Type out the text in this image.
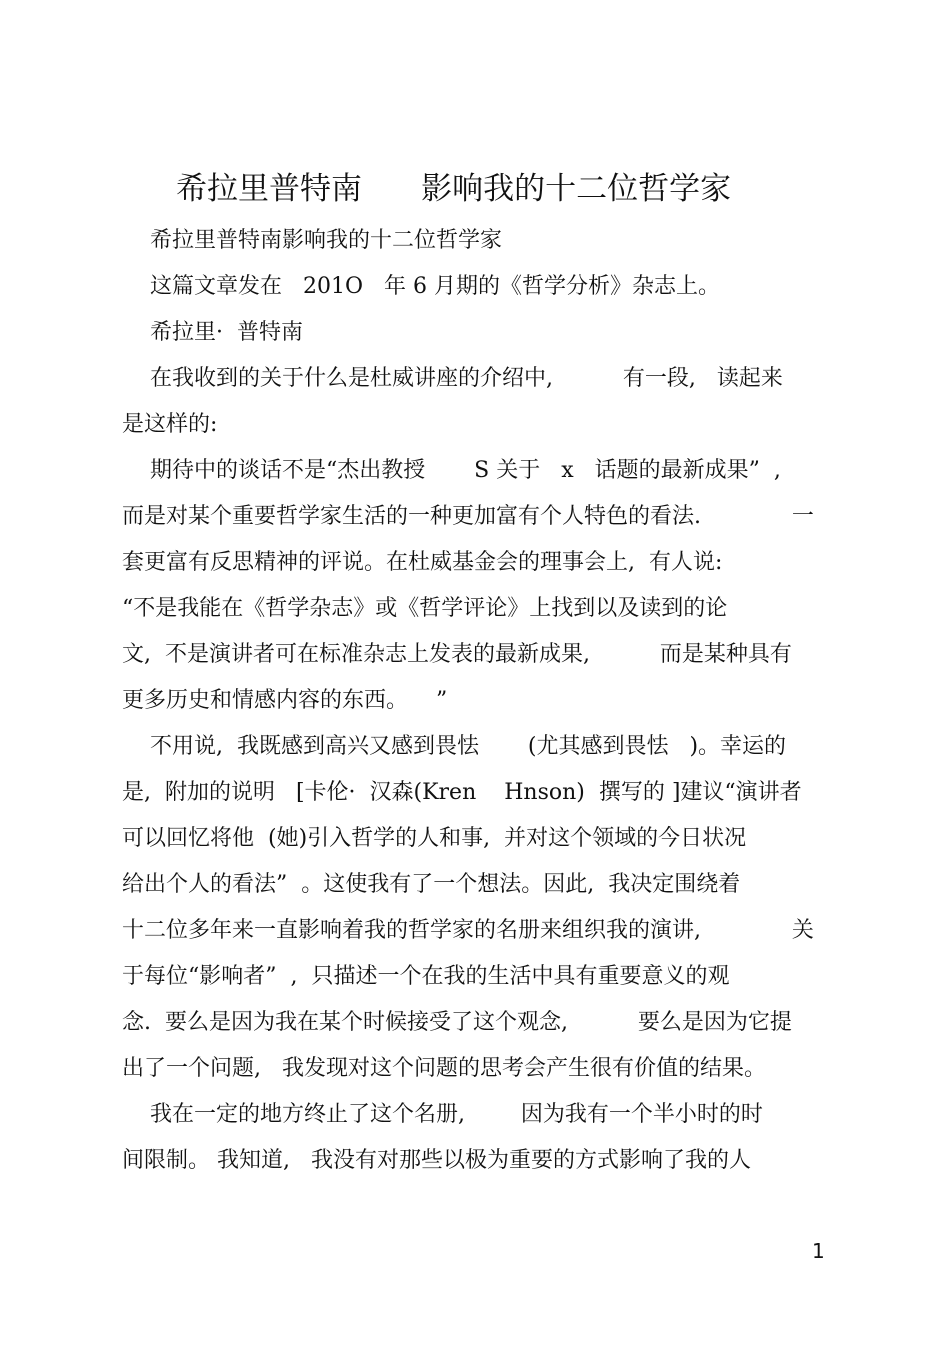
希拉里普特南      影响我的十二位哲学家
希拉里普特南影响我的十二位哲学家
这篇文章发在   201O   年 6 月期的《哲学分析》杂志上。
希拉里·  普特南
在我收到的关于什么是杜威讲座的介绍中,          有一段,   读起来
是这样的:
期待中的谈话不是“杰出教授       S 关于   x   话题的最新成果”  ,
而是对某个重要哲学家生活的一种更加富有个人特色的看法.             一
套更富有反思精神的评说。在杜威基金会的理事会上,  有人说:
“不是我能在《哲学杂志》或《哲学评论》上找到以及读到的论
文,  不是演讲者可在标准杂志上发表的最新成果,          而是某种具有
更多历史和情感内容的东西。    ”
不用说,  我既感到高兴又感到畏怯       (尤其感到畏怯   )。幸运的
是,  附加的说明   [卡伦·  汉森(Kren    Hnson)  撰写的 ]建议“演讲者
可以回忆将他  (她)引入哲学的人和事,  并对这个领域的今日状况
给出个人的看法”  。这使我有了一个想法。因此,  我决定围绕着
十二位多年来一直影响着我的哲学家的名册来组织我的演讲,             关
于每位“影响者”  ,  只描述一个在我的生活中具有重要意义的观
念.  要么是因为我在某个时候接受了这个观念,          要么是因为它提
出了一个问题,   我发现对这个问题的思考会产生很有价值的结果。
我在一定的地方终止了这个名册,        因为我有一个半小时的时
间限制。 我知道,   我没有对那些以极为重要的方式影响了我的人
1
